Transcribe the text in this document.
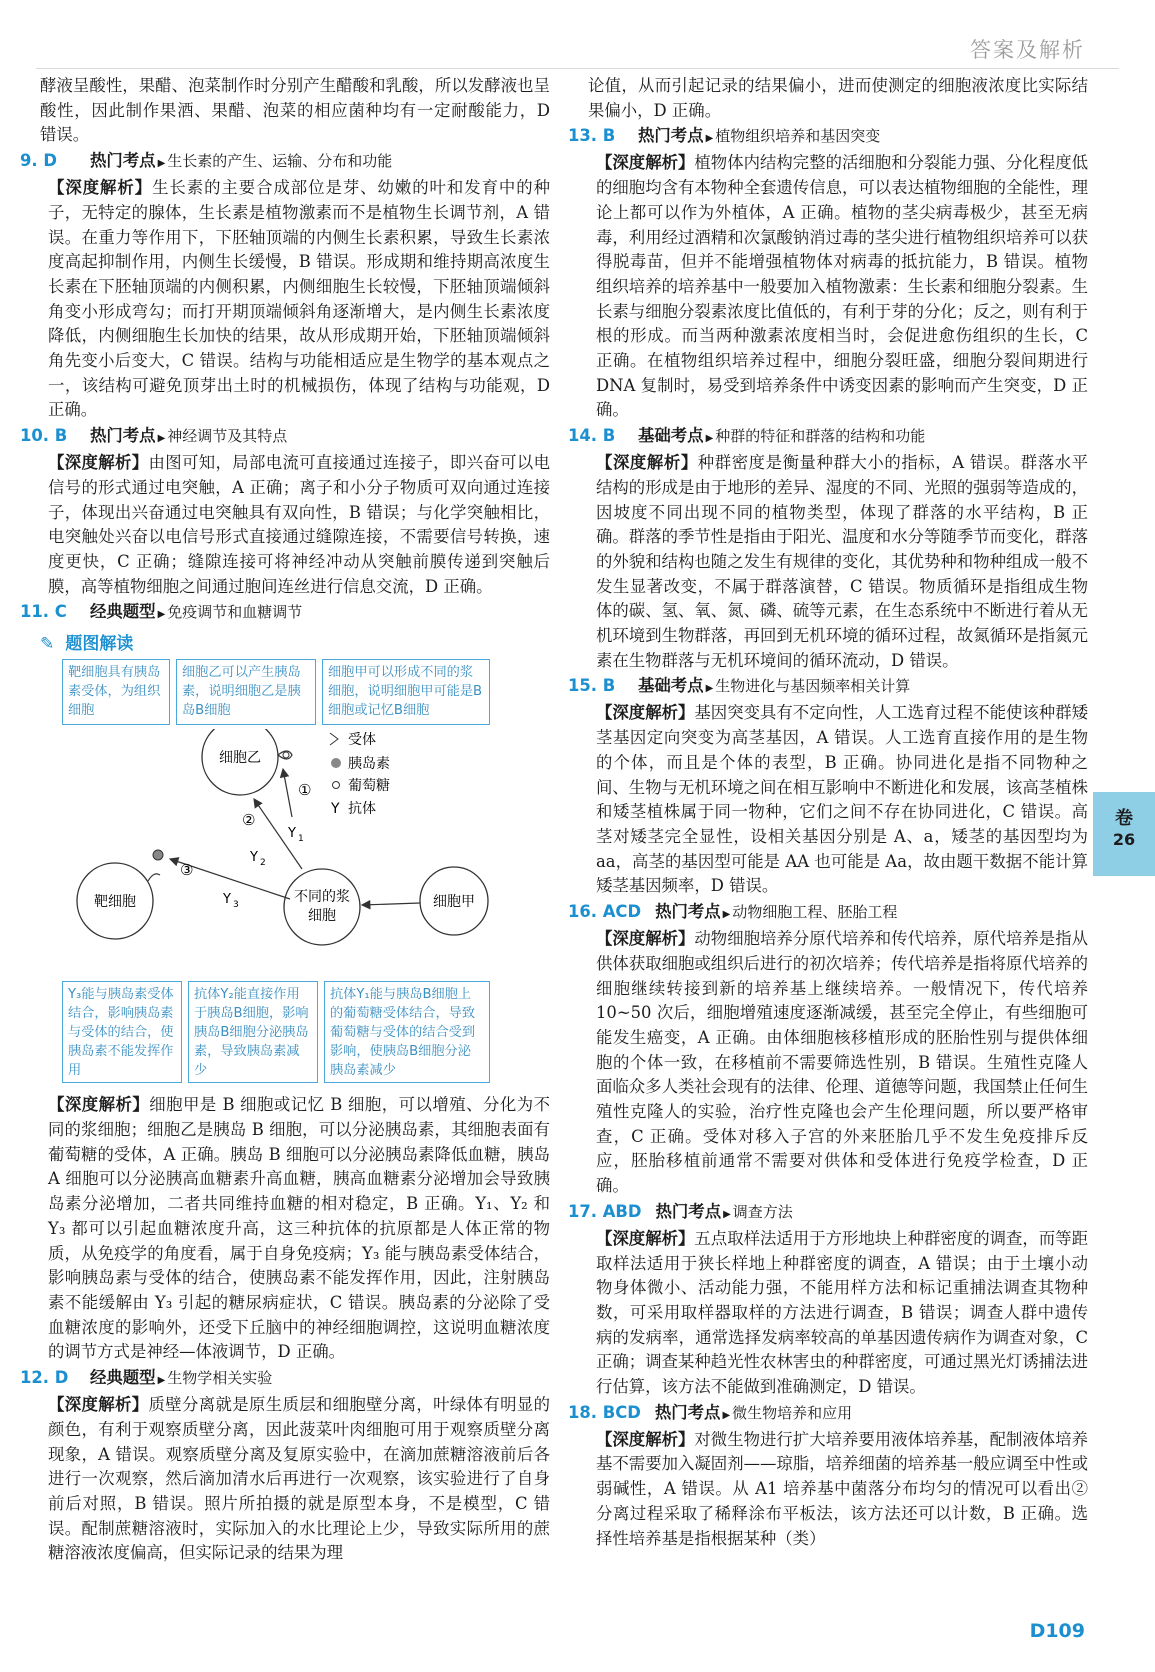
答案及解析

酵液呈酸性，果醋、泡菜制作时分别产生醋酸和乳酸，所以发酵液也呈酸性，因此制作果酒、果醋、泡菜的相应菌种均有一定耐酸能力，D 错误。

9. D 热门考点 ▶ 生长素的产生、运输、分布和功能

【深度解析】生长素的主要合成部位是芽、幼嫩的叶和发育中的种子，无特定的腺体，生长素是植物激素而不是植物生长调节剂，A 错误。在重力等作用下，下胚轴顶端的内侧生长素积累，导致生长素浓度高起抑制作用，内侧生长缓慢，B 错误。形成期和维持期高浓度生长素在下胚轴顶端的内侧积累，内侧细胞生长较慢，下胚轴顶端倾斜角变小形成弯勾；而打开期顶端倾斜角逐渐增大，是内侧生长素浓度降低，内侧细胞生长加快的结果，故从形成期开始，下胚轴顶端倾斜角先变小后变大，C 错误。结构与功能相适应是生物学的基本观点之一，该结构可避免顶芽出土时的机械损伤，体现了结构与功能观，D 正确。

10. B 热门考点 ▶ 神经调节及其特点

【深度解析】由图可知，局部电流可直接通过连接子，即兴奋可以电信号的形式通过电突触，A 正确；离子和小分子物质可双向通过连接子，体现出兴奋通过电突触具有双向性，B 错误；与化学突触相比，电突触处兴奋以电信号形式直接通过缝隙连接，不需要信号转换，速度更快，C 正确；缝隙连接可将神经冲动从突触前膜传递到突触后膜，高等植物细胞之间通过胞间连丝进行信息交流，D 正确。

11. C 经典题型 ▶ 免疫调节和血糖调节

✎ 题图解读
靶细胞具有胰岛素受体，为组织细胞
细胞乙可以产生胰岛素，说明细胞乙是胰岛B细胞
细胞甲可以形成不同的浆细胞，说明细胞甲可能是B细胞或记忆B细胞
细胞乙
靶细胞	不同的浆
细胞
细胞甲
①
②
③
Y 1
Y 2
Y 3
受体
胰岛素
葡萄糖
Y 抗体
Y₃能与胰岛素受体结合，影响胰岛素与受体的结合，使胰岛素不能发挥作用
抗体Y₂能直接作用于胰岛B细胞，影响胰岛B细胞分泌胰岛素，导致胰岛素减少
抗体Y₁能与胰岛B细胞上的葡萄糖受体结合，导致葡萄糖与受体的结合受到影响，使胰岛B细胞分泌胰岛素减少

【深度解析】细胞甲是 B 细胞或记忆 B 细胞，可以增殖、分化为不同的浆细胞；细胞乙是胰岛 B 细胞，可以分泌胰岛素，其细胞表面有葡萄糖的受体，A 正确。胰岛 B 细胞可以分泌胰岛素降低血糖，胰岛 A 细胞可以分泌胰高血糖素升高血糖，胰高血糖素分泌增加会导致胰岛素分泌增加，二者共同维持血糖的相对稳定，B 正确。Y₁、Y₂ 和 Y₃ 都可以引起血糖浓度升高，这三种抗体的抗原都是人体正常的物质，从免疫学的角度看，属于自身免疫病；Y₃ 能与胰岛素受体结合，影响胰岛素与受体的结合，使胰岛素不能发挥作用，因此，注射胰岛素不能缓解由 Y₃ 引起的糖尿病症状，C 错误。胰岛素的分泌除了受血糖浓度的影响外，还受下丘脑中的神经细胞调控，这说明血糖浓度的调节方式是神经—体液调节，D 正确。

12. D 经典题型 ▶ 生物学相关实验

【深度解析】质壁分离就是原生质层和细胞壁分离，叶绿体有明显的颜色，有利于观察质壁分离，因此菠菜叶肉细胞可用于观察质壁分离现象，A 错误。观察质壁分离及复原实验中，在滴加蔗糖溶液前后各进行一次观察，然后滴加清水后再进行一次观察，该实验进行了自身前后对照，B 错误。照片所拍摄的就是原型本身，不是模型，C 错误。配制蔗糖溶液时，实际加入的水比理论上少，导致实际所用的蔗糖溶液浓度偏高，但实际记录的结果为理

论值，从而引起记录的结果偏小，进而使测定的细胞液浓度比实际结果偏小，D 正确。

13. B 热门考点 ▶ 植物组织培养和基因突变

【深度解析】植物体内结构完整的活细胞和分裂能力强、分化程度低的细胞均含有本物种全套遗传信息，可以表达植物细胞的全能性，理论上都可以作为外植体，A 正确。植物的茎尖病毒极少，甚至无病毒，利用经过酒精和次氯酸钠消过毒的茎尖进行植物组织培养可以获得脱毒苗，但并不能增强植物体对病毒的抵抗能力，B 错误。植物组织培养的培养基中一般要加入植物激素：生长素和细胞分裂素。生长素与细胞分裂素浓度比值低的，有利于芽的分化；反之，则有利于根的形成。而当两种激素浓度相当时，会促进愈伤组织的生长，C 正确。在植物组织培养过程中，细胞分裂旺盛，细胞分裂间期进行 DNA 复制时，易受到培养条件中诱变因素的影响而产生突变，D 正确。

14. B 基础考点 ▶ 种群的特征和群落的结构和功能

【深度解析】种群密度是衡量种群大小的指标，A 错误。群落水平结构的形成是由于地形的差异、湿度的不同、光照的强弱等造成的，因坡度不同出现不同的植物类型，体现了群落的水平结构，B 正确。群落的季节性是指由于阳光、温度和水分等随季节而变化，群落的外貌和结构也随之发生有规律的变化，其优势种和物种组成一般不发生显著改变，不属于群落演替，C 错误。物质循环是指组成生物体的碳、氢、氧、氮、磷、硫等元素，在生态系统中不断进行着从无机环境到生物群落，再回到无机环境的循环过程，故氮循环是指氮元素在生物群落与无机环境间的循环流动，D 错误。

15. B 基础考点 ▶ 生物进化与基因频率相关计算

【深度解析】基因突变具有不定向性，人工选育过程不能使该种群矮茎基因定向突变为高茎基因，A 错误。人工选育直接作用的是生物的个体，而且是个体的表型，B 正确。协同进化是指不同物种之间、生物与无机环境之间在相互影响中不断进化和发展，该高茎植株和矮茎植株属于同一物种，它们之间不存在协同进化，C 错误。高茎对矮茎完全显性，设相关基因分别是 A、a，矮茎的基因型均为 aa，高茎的基因型可能是 AA 也可能是 Aa，故由题干数据不能计算矮茎基因频率，D 错误。

16. ACD 热门考点 ▶ 动物细胞工程、胚胎工程

【深度解析】动物细胞培养分原代培养和传代培养，原代培养是指从供体获取细胞或组织后进行的初次培养；传代培养是指将原代培养的细胞继续转接到新的培养基上继续培养。一般情况下，传代培养 10~50 次后，细胞增殖速度逐渐减缓，甚至完全停止，有些细胞可能发生癌变，A 正确。由体细胞核移植形成的胚胎性别与提供体细胞的个体一致，在移植前不需要筛选性别，B 错误。生殖性克隆人面临众多人类社会现有的法律、伦理、道德等问题，我国禁止任何生殖性克隆人的实验，治疗性克隆也会产生伦理问题，所以要严格审查，C 正确。受体对移入子宫的外来胚胎几乎不发生免疫排斥反应，胚胎移植前通常不需要对供体和受体进行免疫学检查，D 正确。

17. ABD 热门考点 ▶ 调查方法

【深度解析】五点取样法适用于方形地块上种群密度的调查，而等距取样法适用于狭长样地上种群密度的调查，A 错误；由于土壤小动物身体微小、活动能力强，不能用样方法和标记重捕法调查其物种数，可采用取样器取样的方法进行调查，B 错误；调查人群中遗传病的发病率，通常选择发病率较高的单基因遗传病作为调查对象，C 正确；调查某种趋光性农林害虫的种群密度，可通过黑光灯诱捕法进行估算，该方法不能做到准确测定，D 错误。

18. BCD 热门考点 ▶ 微生物培养和应用

【深度解析】对微生物进行扩大培养要用液体培养基，配制液体培养基不需要加入凝固剂——琼脂，培养细菌的培养基一般应调至中性或弱碱性，A 错误。从 A1 培养基中菌落分布均匀的情况可以看出②分离过程采取了稀释涂布平板法，该方法还可以计数，B 正确。选择性培养基是指根据某种（类）

卷
26
D109
